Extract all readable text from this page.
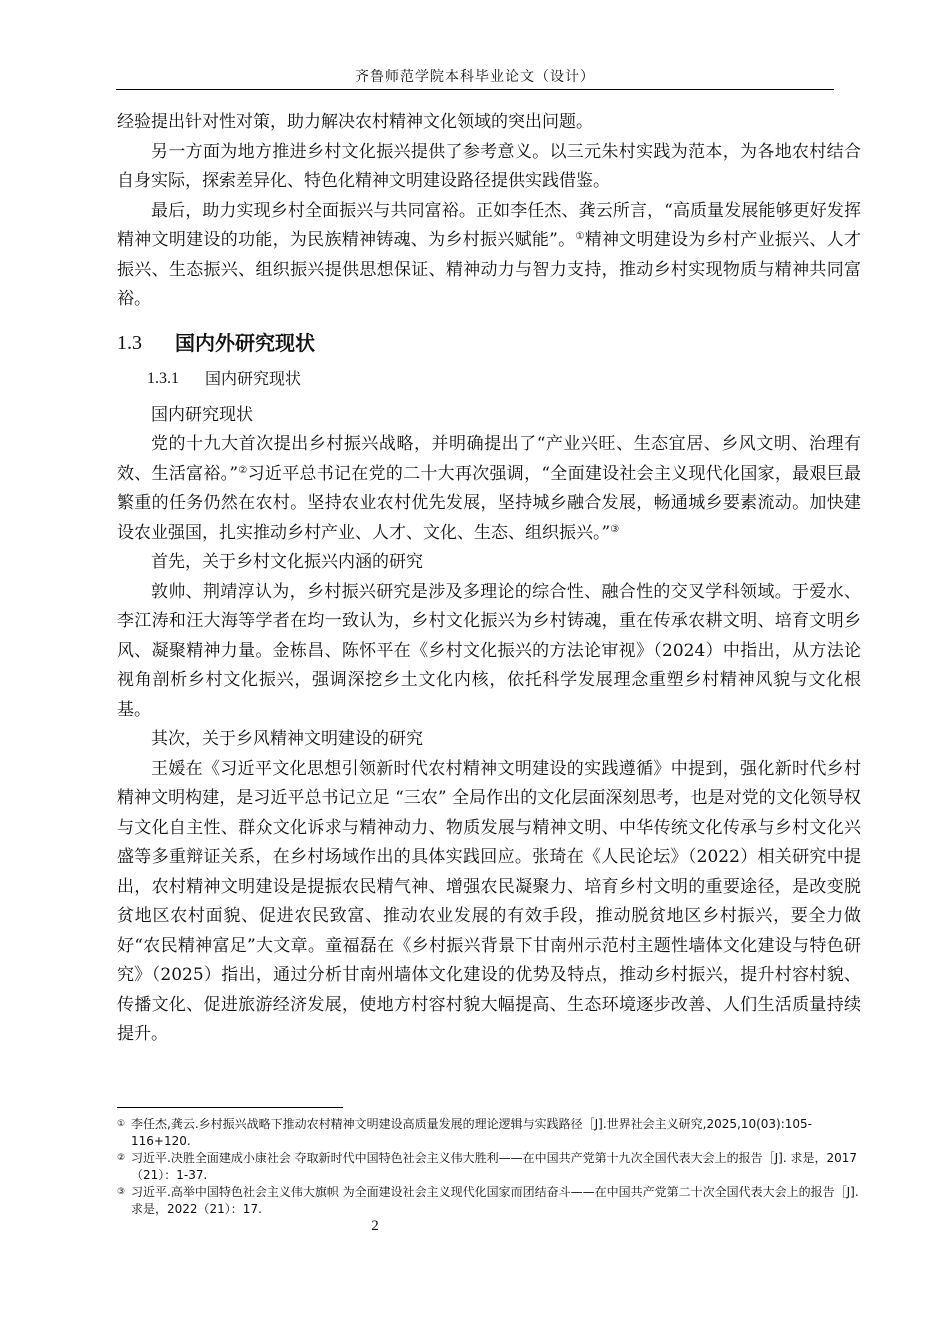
齐鲁师范学院本科毕业论文（设计）

经验提出针对性对策，助力解决农村精神文化领域的突出问题。

另一方面为地方推进乡村文化振兴提供了参考意义。以三元朱村实践为范本，为各地农村结合自身实际，探索差异化、特色化精神文明建设路径提供实践借鉴。

最后，助力实现乡村全面振兴与共同富裕。正如李任杰、龚云所言，“高质量发展能够更好发挥精神文明建设的功能，为民族精神铸魂、为乡村振兴赋能”。①精神文明建设为乡村产业振兴、人才振兴、生态振兴、组织振兴提供思想保证、精神动力与智力支持，推动乡村实现物质与精神共同富裕。

1.3	国内外研究现状
1.3.1	国内研究现状

国内研究现状

党的十九大首次提出乡村振兴战略，并明确提出了“产业兴旺、生态宜居、乡风文明、治理有效、生活富裕。”②习近平总书记在党的二十大再次强调，“全面建设社会主义现代化国家，最艰巨最繁重的任务仍然在农村。坚持农业农村优先发展，坚持城乡融合发展，畅通城乡要素流动。加快建设农业强国，扎实推动乡村产业、人才、文化、生态、组织振兴。”③

首先，关于乡村文化振兴内涵的研究

敦帅、荆靖淳认为，乡村振兴研究是涉及多理论的综合性、融合性的交叉学科领域。于爱水、李江涛和汪大海等学者在均一致认为，乡村文化振兴为乡村铸魂，重在传承农耕文明、培育文明乡风、凝聚精神力量。金栋昌、陈怀平在《乡村文化振兴的方法论审视》（2024）中指出，从方法论视角剖析乡村文化振兴，强调深挖乡土文化内核，依托科学发展理念重塑乡村精神风貌与文化根基。

其次，关于乡风精神文明建设的研究

王媛在《习近平文化思想引领新时代农村精神文明建设的实践遵循》中提到，强化新时代乡村精神文明构建，是习近平总书记立足 “三农” 全局作出的文化层面深刻思考，也是对党的文化领导权与文化自主性、群众文化诉求与精神动力、物质发展与精神文明、中华传统文化传承与乡村文化兴盛等多重辩证关系，在乡村场域作出的具体实践回应。张琦在《人民论坛》（2022）相关研究中提出，农村精神文明建设是提振农民精气神、增强农民凝聚力、培育乡村文明的重要途径，是改变脱贫地区农村面貌、促进农民致富、推动农业发展的有效手段，推动脱贫地区乡村振兴，要全力做好“农民精神富足”大文章。童福磊在《乡村振兴背景下甘南州示范村主题性墙体文化建设与特色研究》（2025）指出，通过分析甘南州墙体文化建设的优势及特点，推动乡村振兴，提升村容村貌、传播文化、促进旅游经济发展，使地方村容村貌大幅提高、生态环境逐步改善、人们生活质量持续提升。

① 李任杰,龚云.乡村振兴战略下推动农村精神文明建设高质量发展的理论逻辑与实践路径［J].世界社会主义研究,2025,10(03):105-116+120.
② 习近平.决胜全面建成小康社会 夺取新时代中国特色社会主义伟大胜利——在中国共产党第十九次全国代表大会上的报告［J]. 求是，2017（21）：1-37.
③ 习近平.高举中国特色社会主义伟大旗帜 为全面建设社会主义现代化国家而团结奋斗——在中国共产党第二十次全国代表大会上的报告［J]. 求是，2022（21）：17.
2
